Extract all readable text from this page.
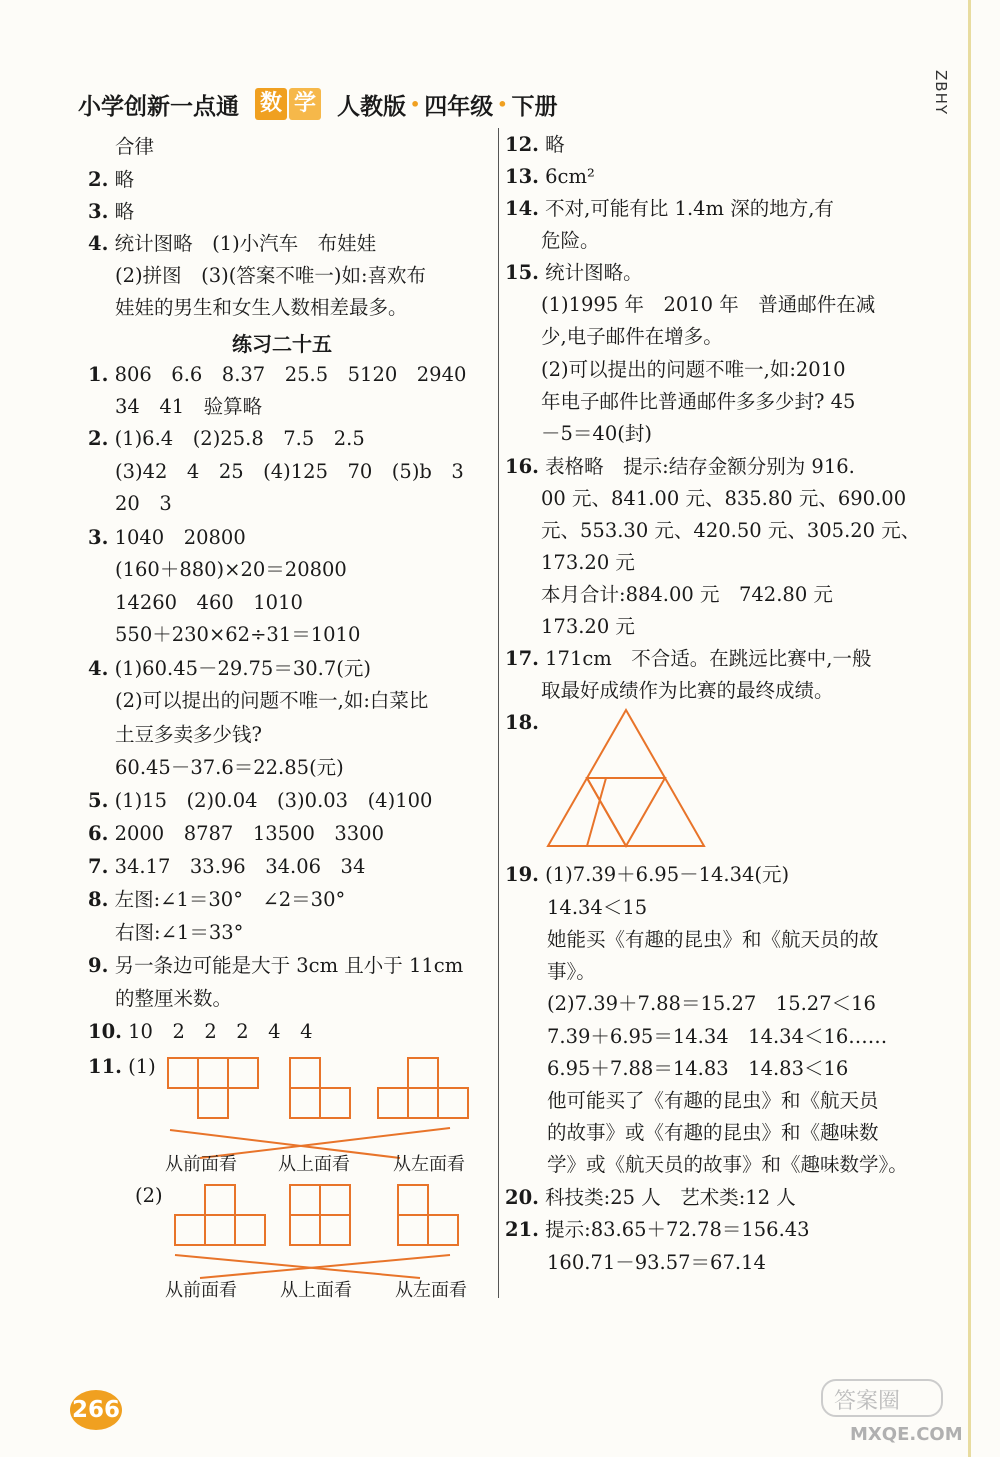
ZBHY
小学创新一点通 数 学 人教版 • 四年级 • 下册
合律
2. 略
3. 略
4. 统计图略　(1)小汽车　布娃娃
(2)拼图　(3)(答案不唯一)如:喜欢布
娃娃的男生和女生人数相差最多。
练习二十五
1. 806　6.6　8.37　25.5　5120　2940
34　41　验算略
2. (1)6.4　(2)25.8　7.5　2.5
(3)42　4　25　(4)125　70　(5)b　3
20　3
3. 1040　20800
(160＋880)×20＝20800
14260　460　1010
550＋230×62÷31＝1010
4. (1)60.45－29.75＝30.7(元)
(2)可以提出的问题不唯一,如:白菜比
土豆多卖多少钱?
60.45－37.6＝22.85(元)
5. (1)15　(2)0.04　(3)0.03　(4)100
6. 2000　8787　13500　3300
7. 34.17　33.96　34.06　34
8. 左图:∠1＝30°　∠2＝30°
右图:∠1＝33°
9. 另一条边可能是大于 3cm 且小于 11cm
的整厘米数。
10. 10　2　2　2　4　4
11. (1)
从前面看 从上面看 从左面看
(2)
从前面看 从上面看 从左面看
12. 略
13. 6cm²
14. 不对,可能有比 1.4m 深的地方,有
危险。
15. 统计图略。
(1)1995 年　2010 年　普通邮件在减
少,电子邮件在增多。
(2)可以提出的问题不唯一,如:2010
年电子邮件比普通邮件多多少封? 45
－5＝40(封)
16. 表格略　提示:结存金额分别为 916.
00 元、841.00 元、835.80 元、690.00
元、553.30 元、420.50 元、305.20 元、
173.20 元
本月合计:884.00 元　742.80 元
173.20 元
17. 171cm　不合适。在跳远比赛中,一般
取最好成绩作为比赛的最终成绩。
18.
19. (1)7.39＋6.95－14.34(元)
14.34＜15
她能买《有趣的昆虫》和《航天员的故
事》。
(2)7.39＋7.88＝15.27　15.27＜16
7.39＋6.95＝14.34　14.34＜16……
6.95＋7.88＝14.83　14.83＜16
他可能买了《有趣的昆虫》和《航天员
的故事》或《有趣的昆虫》和《趣味数
学》或《航天员的故事》和《趣味数学》。
20. 科技类:25 人　艺术类:12 人
21. 提示:83.65＋72.78＝156.43
160.71－93.57＝67.14
266	答案圈
MXQE.COM
